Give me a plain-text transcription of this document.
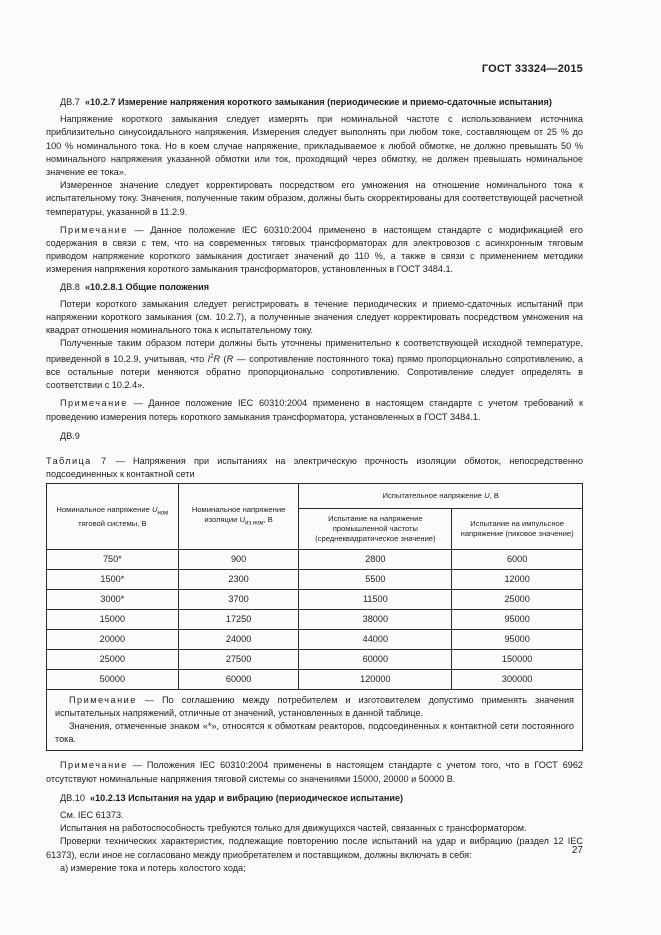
ГОСТ 33324—2015

ДВ.7 «10.2.7 Измерение напряжения короткого замыкания (периодические и приемо-сдаточные испытания)

Напряжение короткого замыкания следует измерять при номинальной частоте с использованием источника приблизительно синусоидального напряжения. Измерения следует выполнять при любом токе, составляющем от 25 % до 100 % номинального тока. Но в коем случае напряжение, прикладываемое к любой обмотке, не должно превышать 50 % номинального напряжения указанной обмотки или ток, проходящий через обмотку, не должен превышать номинальное значение ее тока».

Измеренное значение следует корректировать посредством его умножения на отношение номинального тока к испытательному току. Значения, полученные таким образом, должны быть скорректированы для соответствующей расчетной температуры, указанной в 11.2.9.

Примечание — Данное положение IEC 60310:2004 применено в настоящем стандарте с модификацией его содержания в связи с тем, что на современных тяговых трансформаторах для электровозов с асинхронным тяговым приводом напряжение короткого замыкания достигает значений до 110 %, а также в связи с применением методики измерения напряжения короткого замыкания трансформаторов, установленных в ГОСТ 3484.1.

ДВ.8 «10.2.8.1 Общие положения

Потери короткого замыкания следует регистрировать в течение периодических и приемо-сдаточных испытаний при напряжении короткого замыкания (см. 10.2.7), а полученные значения следует корректировать посредством умножения на квадрат отношения номинального тока к испытательному току.

Полученные таким образом потери должны быть уточнены применительно к соответствующей исходной температуре, приведенной в 10.2.9, учитывая, что $I^2R$ (R — сопротивление постоянного тока) прямо пропорционально сопротивлению, а все остальные потери меняются обратно пропорционально сопротивлению. Сопротивление следует определять в соответствии с 10.2.4».

Примечание — Данное положение IEC 60310:2004 применено в настоящем стандарте с учетом требований к проведению измерения потерь короткого замыкания трансформатора, установленных в ГОСТ 3484.1.

ДВ.9

Таблица 7 — Напряжения при испытаниях на электрическую прочность изоляции обмоток, непосредственно подсоединенных к контактной сети

Номинальное напряжение $U_{ном}$
тяговой системы, В	Номинальное напряжение изоляции $U_{из.ном}$, В	Испытательное напряжение U, В	
		Испытание на напряжение промышленной частоты (среднеквадратическое значение)	Испытание на импульсное напряжение (пиковое значение)
750*	900	2800	6000
1500*	2300	5500	12000
3000*	3700	11500	25000
15000	17250	38000	95000
20000	24000	44000	95000
25000	27500	60000	150000
50000	60000	120000	300000

Примечание — По соглашению между потребителем и изготовителем допустимо применять значения испытательных напряжений, отличные от значений, установленных в данной таблице.

Значения, отмеченные знаком «*», относятся к обмоткам реакторов, подсоединенных к контактной сети постоянного тока.			

Примечание — Положения IEC 60310:2004 применены в настоящем стандарте с учетом того, что в ГОСТ 6962 отсутствуют номинальные напряжения тяговой системы со значениями 15000, 20000 и 50000 В.

ДВ.10 «10.2.13 Испытания на удар и вибрацию (периодическое испытание)

См. IEC 61373.

Испытания на работоспособность требуются только для движущихся частей, связанных с трансформатором.

Проверки технических характеристик, подлежащие повторению после испытаний на удар и вибрацию (раздел 12 IEC 61373), если иное не согласовано между приобретателем и поставщиком, должны включать в себя:

а) измерение тока и потерь холостого хода;

27
